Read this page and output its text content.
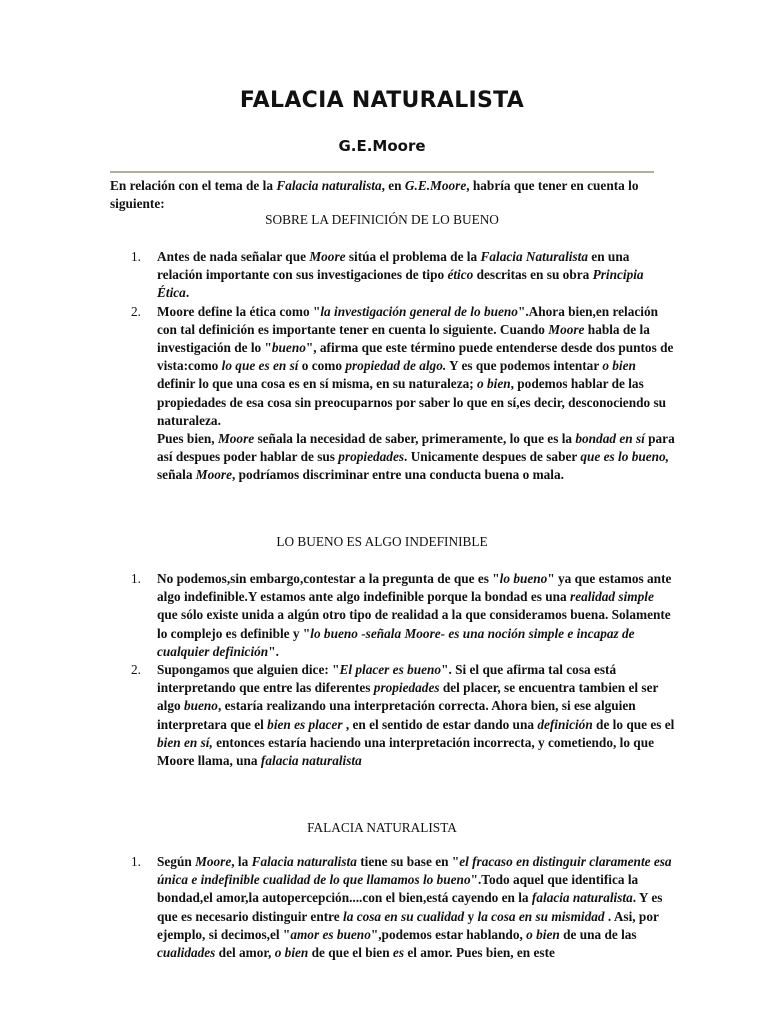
FALACIA NATURALISTA
G.E.Moore

En relación con el tema de la Falacia naturalista, en G.E.Moore, habría que tener en cuenta lo siguiente:

SOBRE LA DEFINICIÓN DE LO BUENO
1. Antes de nada señalar que Moore sitúa el problema de la Falacia Naturalista en una relación importante con sus investigaciones de tipo ético descritas en su obra Principia Ética.
2. Moore define la ética como "la investigación general de lo bueno".Ahora bien,en relación con tal definición es importante tener en cuenta lo siguiente. Cuando Moore habla de la investigación de lo "bueno", afirma que este término puede entenderse desde dos puntos de vista:como lo que es en sí o como propiedad de algo. Y es que podemos intentar o bien definir lo que una cosa es en sí misma, en su naturaleza; o bien, podemos hablar de las propiedades de esa cosa sin preocuparnos por saber lo que en sí,es decir, desconociendo su naturaleza.
Pues bien, Moore señala la necesidad de saber, primeramente, lo que es la bondad en sí para así despues poder hablar de sus propiedades. Unicamente despues de saber que es lo bueno, señala Moore, podríamos discriminar entre una conducta buena o mala.
LO BUENO ES ALGO INDEFINIBLE
1. No podemos,sin embargo,contestar a la pregunta de que es "lo bueno" ya que estamos ante algo indefinible.Y estamos ante algo indefinible porque la bondad es una realidad simple que sólo existe unida a algún otro tipo de realidad a la que consideramos buena. Solamente lo complejo es definible y "lo bueno -señala Moore- es una noción simple e incapaz de cualquier definición".
2. Supongamos que alguien dice: "El placer es bueno". Si el que afirma tal cosa está interpretando que entre las diferentes propiedades del placer, se encuentra tambien el ser algo bueno, estaría realizando una interpretación correcta. Ahora bien, si ese alguien interpretara que el bien es placer , en el sentido de estar dando una definición de lo que es el bien en sí, entonces estaría haciendo una interpretación incorrecta, y cometiendo, lo que Moore llama, una falacia naturalista
FALACIA NATURALISTA
1. Según Moore, la Falacia naturalista tiene su base en "el fracaso en distinguir claramente esa única e indefinible cualidad de lo que llamamos lo bueno".Todo aquel que identifica la bondad,el amor,la autopercepción....con el bien,está cayendo en la falacia naturalista. Y es que es necesario distinguir entre la cosa en su cualidad y la cosa en su mismidad . Asi, por ejemplo, si decimos,el "amor es bueno",podemos estar hablando, o bien de una de las cualidades del amor, o bien de que el bien es el amor. Pues bien, en este
